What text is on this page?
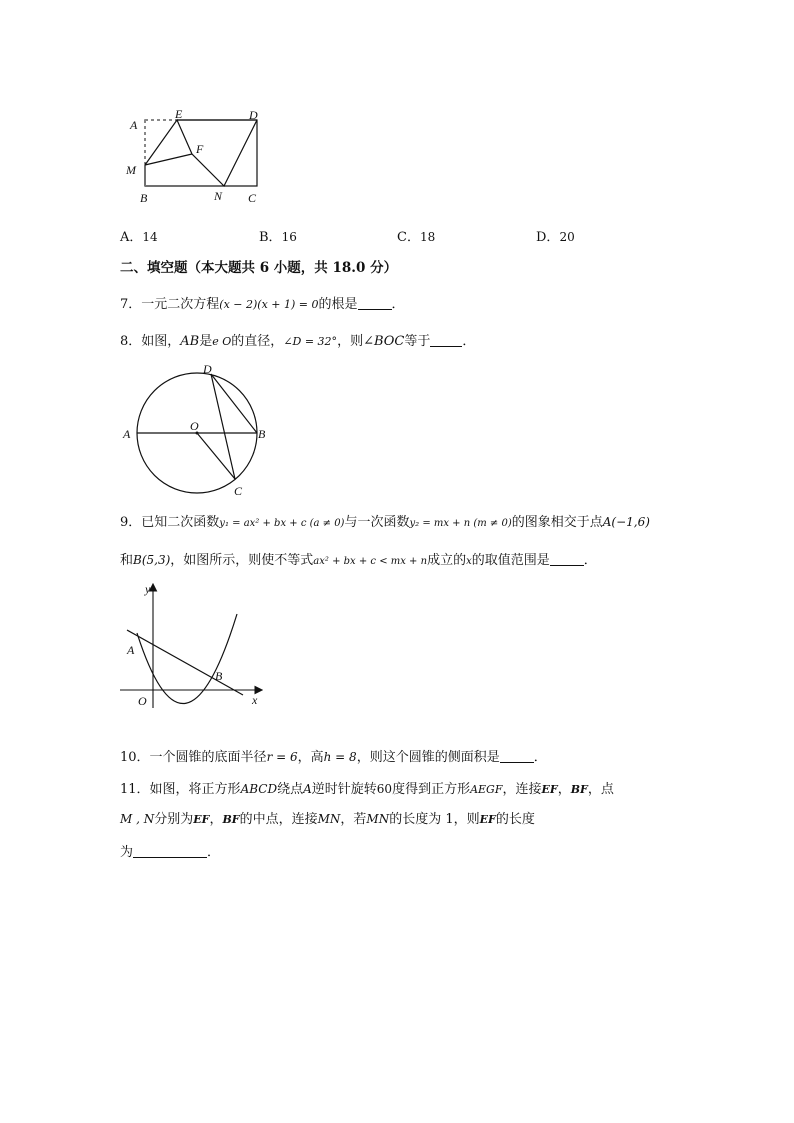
A
E	D
F
M
B	N C
A．14	B．16	C．18	D．20
二、填空题（本大题共 6 小题，共 18.0 分）
7．一元二次方程(x − 2)(x + 1) = 0的根是	．
8．如图，AB是e O的直径，∠D = 32°，则∠BOC等于 ．
D
O
A	B
C
9．已知二次函数y₁ = ax² + bx + c (a ≠ 0)与一次函数y₂ = mx + n (m ≠ 0)的图象相交于点A(−1,6)
和B(5,3)，如图所示，则使不等式ax² + bx + c < mx + n成立的x的取值范围是	．
y
A
B
O	x
10．一个圆锥的底面半径r = 6，高h = 8，则这个圆锥的侧面积是	．
11．如图，将正方形ABCD绕点A逆时针旋转60度得到正方形AEGF，连接EF，BF，点
M , N分别为EF，BF的中点，连接MN，若MN的长度为 1，则EF的长度
为	．
